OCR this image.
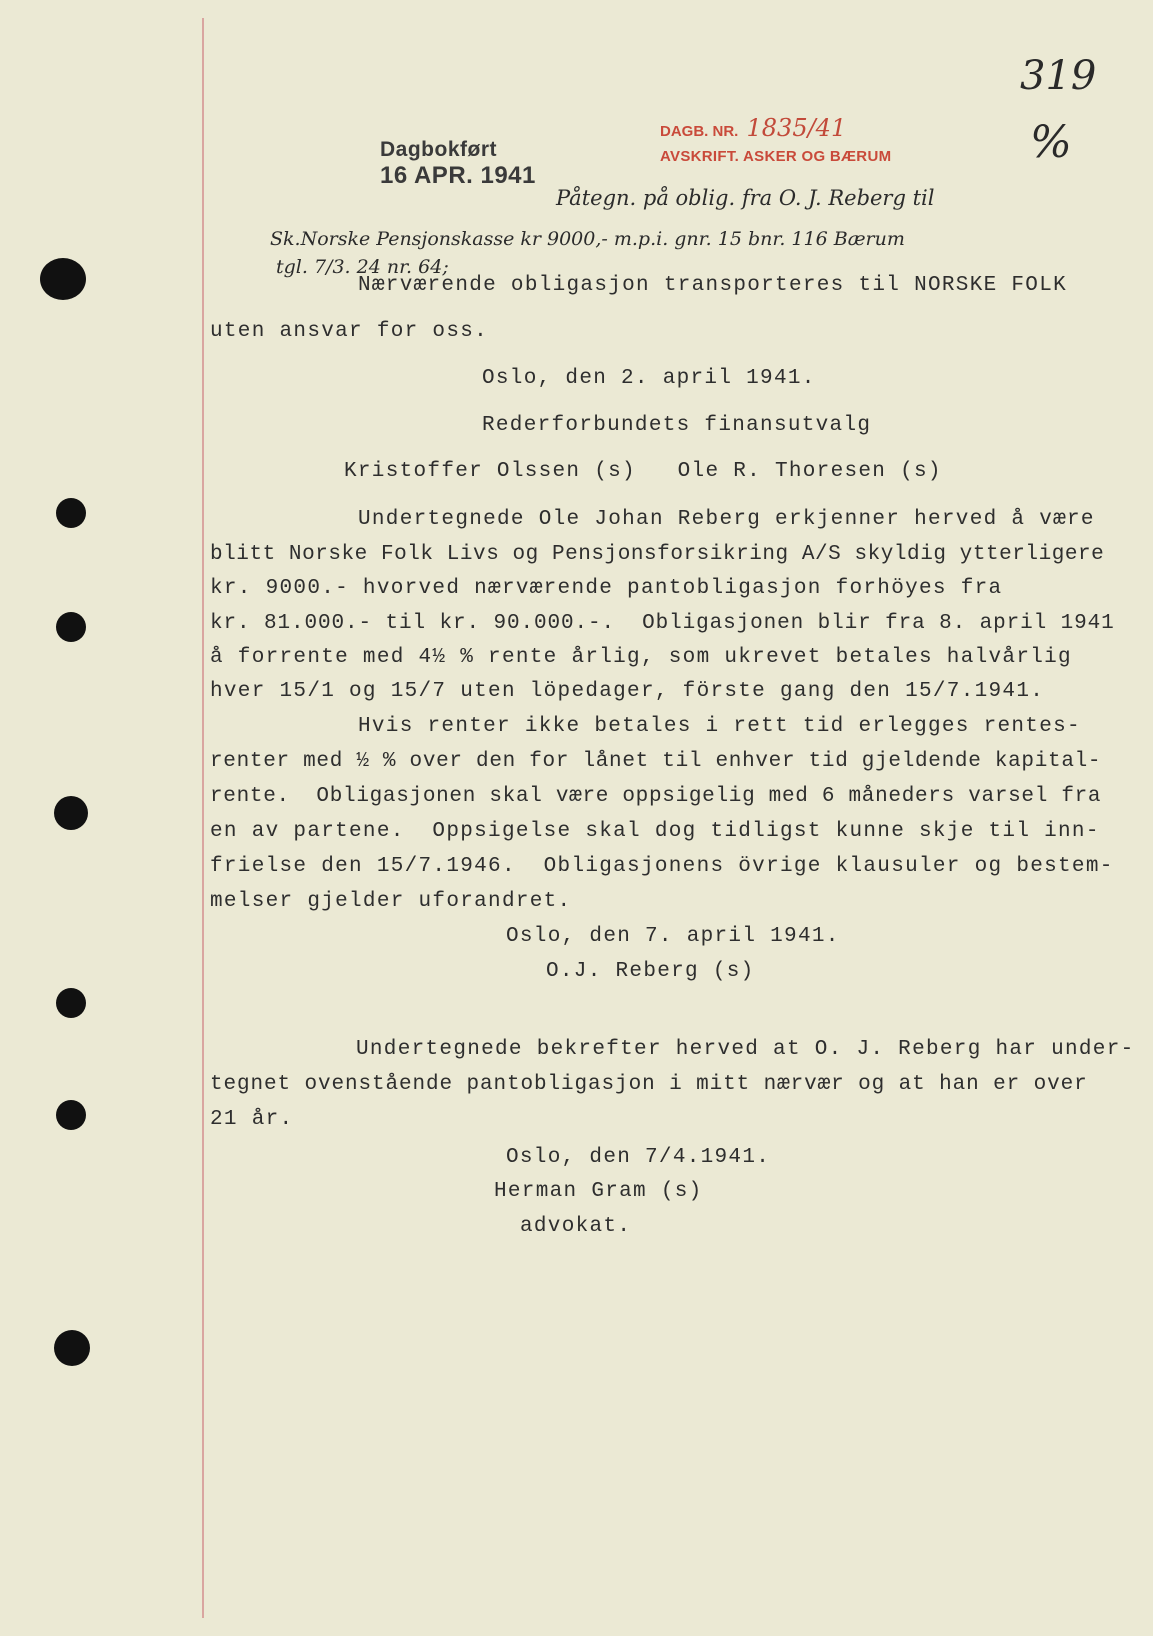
Dagbokført
16 APR. 1941
DAGB. NR. 1835/41
AVSKRIFT. ASKER OG BÆRUM
319
%
Påtegn. på oblig. fra O. J. Reberg til
Sk.Norske Pensjonskasse kr 9000,- m.p.i. gnr. 15 bnr. 116 Bærum
tgl. 7/3. 24 nr. 64;
Nærværende obligasjon transporteres til NORSKE FOLK
uten ansvar for oss.
Oslo, den 2. april 1941.
Rederforbundets finansutvalg
Kristoffer Olssen (s)   Ole R. Thoresen (s)
Undertegnede Ole Johan Reberg erkjenner herved å være
blitt Norske Folk Livs og Pensjonsforsikring A/S skyldig ytterligere
kr. 9000.- hvorved nærværende pantobligasjon forhöyes fra
kr. 81.000.- til kr. 90.000.-.  Obligasjonen blir fra 8. april 1941
å forrente med 4½ % rente årlig, som ukrevet betales halvårlig
hver 15/1 og 15/7 uten löpedager, förste gang den 15/7.1941.
Hvis renter ikke betales i rett tid erlegges rentes-
renter med ½ % over den for lånet til enhver tid gjeldende kapital-
rente.  Obligasjonen skal være oppsigelig med 6 måneders varsel fra
en av partene.  Oppsigelse skal dog tidligst kunne skje til inn-
frielse den 15/7.1946.  Obligasjonens övrige klausuler og bestem-
melser gjelder uforandret.
Oslo, den 7. april 1941.
O.J. Reberg (s)
Undertegnede bekrefter herved at O. J. Reberg har under-
tegnet ovenstående pantobligasjon i mitt nærvær og at han er over
21 år.
Oslo, den 7/4.1941.
Herman Gram (s)
advokat.
